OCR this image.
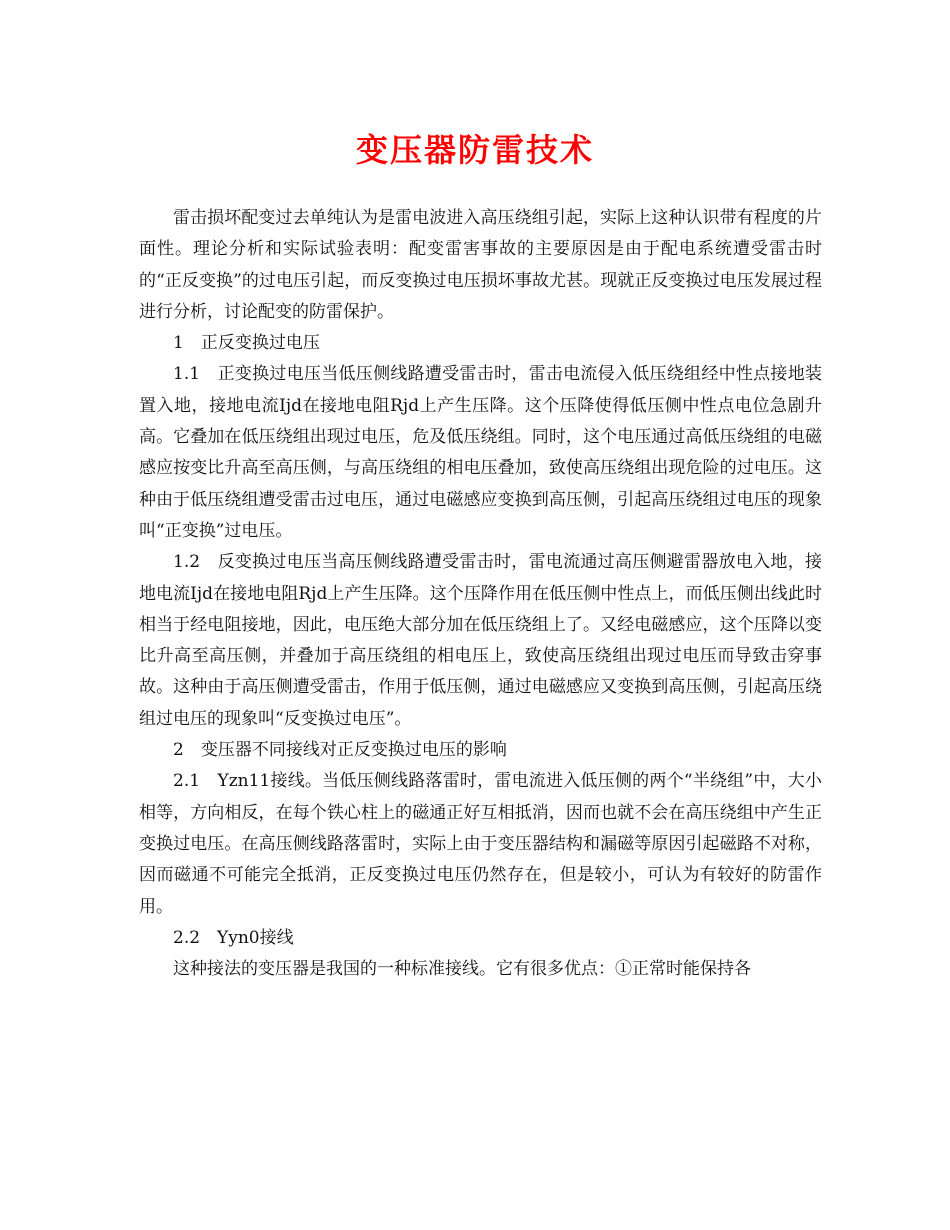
变压器防雷技术

雷击损坏配变过去单纯认为是雷电波进入高压绕组引起，实际上这种认识带有程度的片面性。理论分析和实际试验表明：配变雷害事故的主要原因是由于配电系统遭受雷击时的“正反变换”的过电压引起，而反变换过电压损坏事故尤甚。现就正反变换过电压发展过程进行分析，讨论配变的防雷保护。

1　正反变换过电压

1.1　正变换过电压当低压侧线路遭受雷击时，雷击电流侵入低压绕组经中性点接地装置入地，接地电流Ijd在接地电阻Rjd上产生压降。这个压降使得低压侧中性点电位急剧升高。它叠加在低压绕组出现过电压，危及低压绕组。同时，这个电压通过高低压绕组的电磁感应按变比升高至高压侧，与高压绕组的相电压叠加，致使高压绕组出现危险的过电压。这种由于低压绕组遭受雷击过电压，通过电磁感应变换到高压侧，引起高压绕组过电压的现象叫“正变换”过电压。

1.2　反变换过电压当高压侧线路遭受雷击时，雷电流通过高压侧避雷器放电入地，接地电流Ijd在接地电阻Rjd上产生压降。这个压降作用在低压侧中性点上，而低压侧出线此时相当于经电阻接地，因此，电压绝大部分加在低压绕组上了。又经电磁感应，这个压降以变比升高至高压侧，并叠加于高压绕组的相电压上，致使高压绕组出现过电压而导致击穿事故。这种由于高压侧遭受雷击，作用于低压侧，通过电磁感应又变换到高压侧，引起高压绕组过电压的现象叫“反变换过电压”。

2　变压器不同接线对正反变换过电压的影响

2.1　Yzn11接线。当低压侧线路落雷时，雷电流进入低压侧的两个“半绕组”中，大小相等，方向相反，在每个铁心柱上的磁通正好互相抵消，因而也就不会在高压绕组中产生正变换过电压。在高压侧线路落雷时，实际上由于变压器结构和漏磁等原因引起磁路不对称，因而磁通不可能完全抵消，正反变换过电压仍然存在，但是较小，可认为有较好的防雷作用。

2.2　Yyn0接线

这种接法的变压器是我国的一种标准接线。它有很多优点：①正常时能保持各
